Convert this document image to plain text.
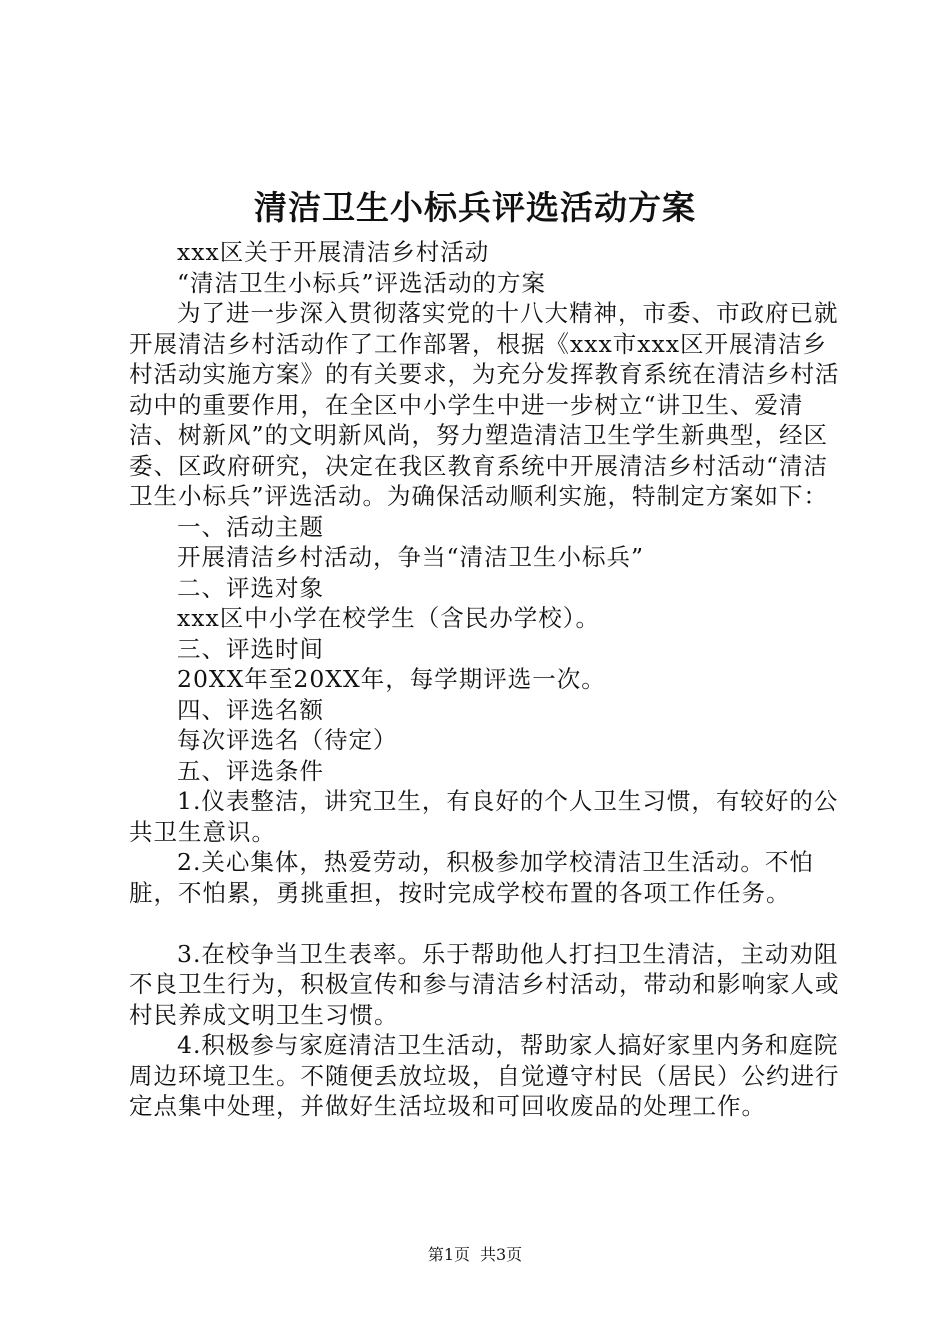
清洁卫生小标兵评选活动方案

xxx区关于开展清洁乡村活动

“清洁卫生小标兵”评选活动的方案

为了进一步深入贯彻落实党的十八大精神，市委、市政府已就开展清洁乡村活动作了工作部署，根据《xxx市xxx区开展清洁乡村活动实施方案》的有关要求，为充分发挥教育系统在清洁乡村活动中的重要作用，在全区中小学生中进一步树立“讲卫生、爱清洁、树新风”的文明新风尚，努力塑造清洁卫生学生新典型，经区委、区政府研究，决定在我区教育系统中开展清洁乡村活动“清洁卫生小标兵”评选活动。为确保活动顺利实施，特制定方案如下：

一、活动主题

开展清洁乡村活动，争当“清洁卫生小标兵”

二、评选对象

xxx区中小学在校学生（含民办学校）。

三、评选时间

20XX年至20XX年，每学期评选一次。

四、评选名额

每次评选名（待定）

五、评选条件

1.仪表整洁，讲究卫生，有良好的个人卫生习惯，有较好的公共卫生意识。

2.关心集体，热爱劳动，积极参加学校清洁卫生活动。不怕脏，不怕累，勇挑重担，按时完成学校布置的各项工作任务。

3.在校争当卫生表率。乐于帮助他人打扫卫生清洁，主动劝阻不良卫生行为，积极宣传和参与清洁乡村活动，带动和影响家人或村民养成文明卫生习惯。

4.积极参与家庭清洁卫生活动，帮助家人搞好家里内务和庭院周边环境卫生。不随便丢放垃圾，自觉遵守村民（居民）公约进行定点集中处理，并做好生活垃圾和可回收废品的处理工作。

第1页 共3页
